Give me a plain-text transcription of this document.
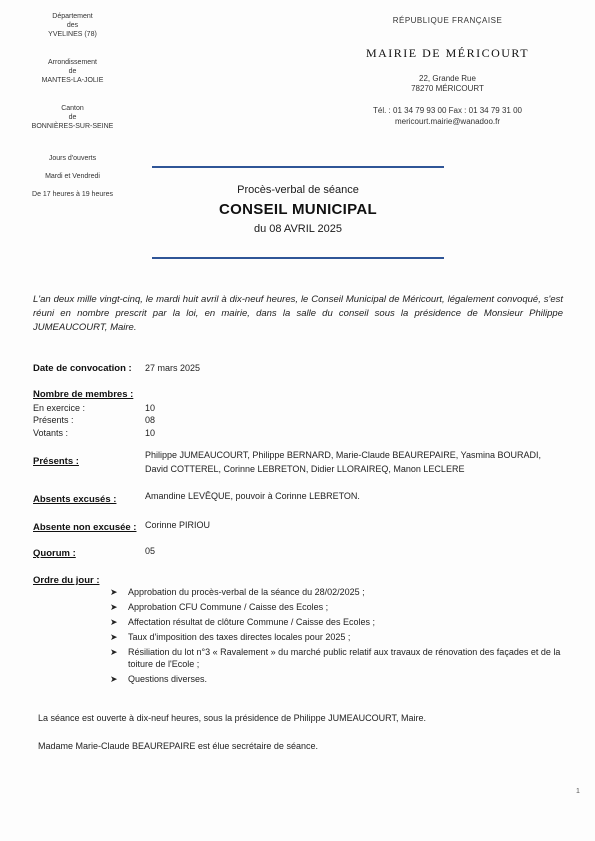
Département
des
YVELINES (78)
Arrondissement
de
MANTES-LA-JOLIE
Canton
de
BONNIÈRES-SUR-SEINE
Jours d'ouverts
Mardi et Vendredi
De 17 heures à 19 heures
RÉPUBLIQUE FRANÇAISE
MAIRIE DE MÉRICOURT
22, Grande Rue
78270 MÉRICOURT
Tél. : 01 34 79 93 00 Fax : 01 34 79 31 00
mericourt.mairie@wanadoo.fr
Procès-verbal de séance
CONSEIL MUNICIPAL
du 08 AVRIL 2025
L'an deux mille vingt-cinq, le mardi huit avril à dix-neuf heures, le Conseil Municipal de Méricourt, légalement convoqué, s'est réuni en nombre prescrit par la loi, en mairie, dans la salle du conseil sous la présidence de Monsieur Philippe JUMEAUCOURT, Maire.
Date de convocation : 27 mars 2025
Nombre de membres :
En exercice :	10
Présents :	08
Votants :	10
Présents :
Philippe JUMEAUCOURT, Philippe BERNARD, Marie-Claude BEAUREPAIRE, Yasmina BOURADI,
David COTTEREL, Corinne LEBRETON, Didier LLORAIREQ, Manon LECLERE
Absents excusés :	Amandine LEVÊQUE, pouvoir à Corinne LEBRETON.
Absente non excusée : Corinne PIRIOU
Quorum :	05
Ordre du jour :
➤ Approbation du procès-verbal de la séance du 28/02/2025 ;
➤ Approbation CFU Commune / Caisse des Ecoles ;
➤ Affectation résultat de clôture Commune / Caisse des Ecoles ;
➤ Taux d'imposition des taxes directes locales pour 2025 ;
➤ Résiliation du lot n°3 « Ravalement » du marché public relatif aux travaux de rénovation des façades et de la toiture de l'Ecole ;
➤ Questions diverses.
La séance est ouverte à dix-neuf heures, sous la présidence de Philippe JUMEAUCOURT, Maire.
Madame Marie-Claude BEAUREPAIRE est élue secrétaire de séance.
1
